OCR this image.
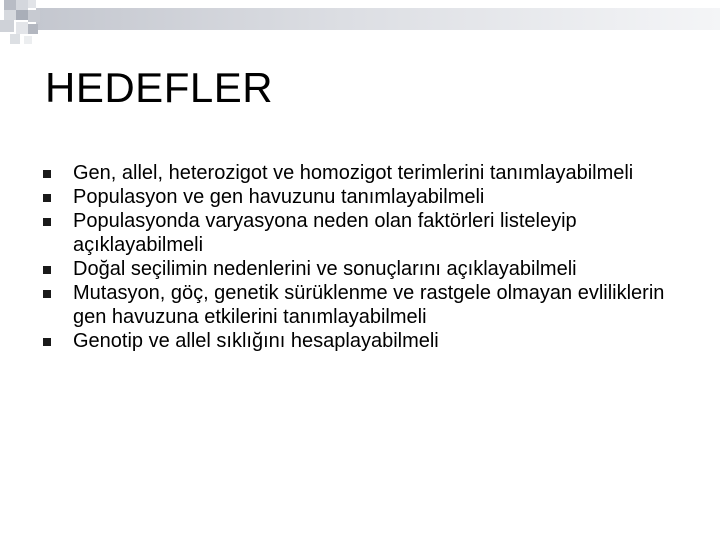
HEDEFLER
Gen, allel, heterozigot ve homozigot terimlerini tanımlayabilmeli
Populasyon ve gen havuzunu tanımlayabilmeli
Populasyonda varyasyona neden olan faktörleri listeleyip açıklayabilmeli
Doğal seçilimin nedenlerini ve sonuçlarını açıklayabilmeli
Mutasyon, göç, genetik sürüklenme ve rastgele olmayan evliliklerin gen havuzuna etkilerini tanımlayabilmeli
Genotip ve allel sıklığını hesaplayabilmeli
